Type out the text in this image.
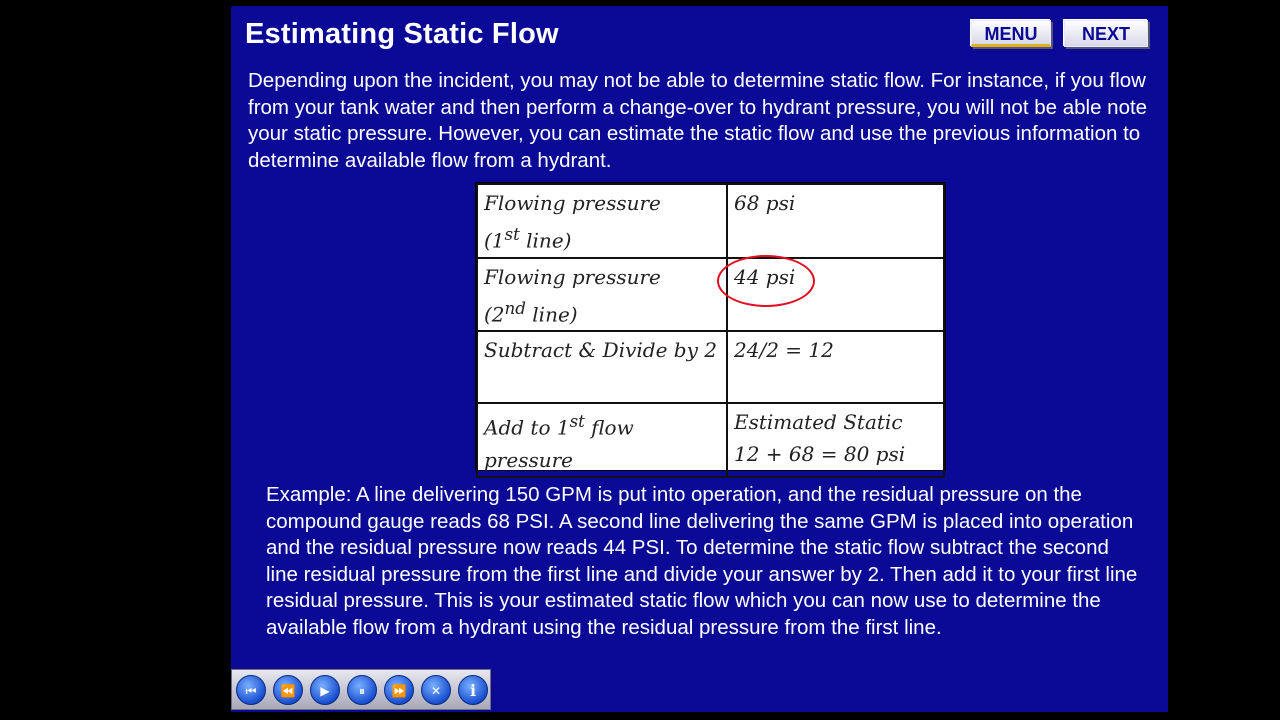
Estimating Static Flow	MENU	NEXT
Depending upon the incident, you may not be able to determine static flow. For instance, if you flow from your tank water and then perform a change-over to hydrant pressure, you will not be able note your static pressure. However, you can estimate the static flow and use the previous information to determine available flow from a hydrant.
Flowing pressure
(1st line)	68 psi

Flowing pressure
(2nd line)	44 psi

Subtract & Divide by 2	24/2 = 12

Add to 1st flow
pressure	Estimated Static
12 + 68 = 80 psi
Example: A line delivering 150 GPM is put into operation, and the residual pressure on the compound gauge reads 68 PSI. A second line delivering the same GPM is placed into operation and the residual pressure now reads 44 PSI. To determine the static flow subtract the second line residual pressure from the first line and divide your answer by 2. Then add it to your first line residual pressure. This is your estimated static flow which you can now use to determine the available flow from a hydrant using the residual pressure from the first line.
⏮	⏪	▶	⏸	⏩	✕	i
